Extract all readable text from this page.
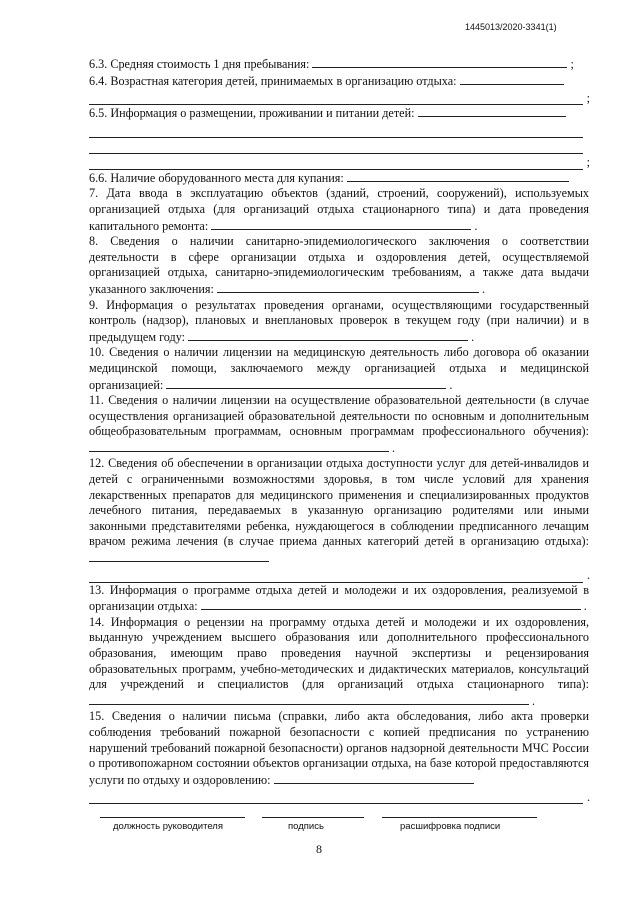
1445013/2020-3341(1)
6.3. Средняя стоимость 1 дня пребывания:	;
6.4. Возрастная категория детей, принимаемых в организацию отдыха:
;
6.5. Информация о размещении, проживании и питании детей:
;
6.6. Наличие оборудованного места для купания:
7. Дата ввода в эксплуатацию объектов (зданий, строений, сооружений), используемых организацией отдыха (для организаций отдыха стационарного типа) и дата проведения капитального ремонта:	.
8. Сведения о наличии санитарно-эпидемиологического заключения о соответствии деятельности в сфере организации отдыха и оздоровления детей, осуществляемой организацией отдыха, санитарно-эпидемиологическим требованиям, а также дата выдачи указанного заключения:	.
9. Информация о результатах проведения органами, осуществляющими государственный контроль (надзор), плановых и внеплановых проверок в текущем году (при наличии) и в предыдущем году:	.
10. Сведения о наличии лицензии на медицинскую деятельность либо договора об оказании медицинской помощи, заключаемого между организацией отдыха и медицинской организацией:	.
11. Сведения о наличии лицензии на осуществление образовательной деятельности (в случае осуществления организацией образовательной деятельности по основным и дополнительным общеобразовательным программам, основным программам профессионального обучения):  .
12. Сведения об обеспечении в организации отдыха доступности услуг для детей-инвалидов и детей с ограниченными возможностями здоровья, в том числе условий для хранения лекарственных препаратов для медицинского применения и специализированных продуктов лечебного питания, передаваемых в указанную организацию родителями или иными законными представителями ребенка, нуждающегося в соблюдении предписанного лечащим врачом режима лечения (в случае приема данных категорий детей в организацию отдыха):
.
13. Информация о программе отдыха детей и молодежи и их оздоровления, реализуемой в организации отдыха:	.
14. Информация о рецензии на программу отдыха детей и молодежи и их оздоровления, выданную учреждением высшего образования или дополнительного профессионального образования, имеющим право проведения научной экспертизы и рецензирования образовательных программ, учебно-методических и дидактических материалов, консультаций для учреждений и специалистов (для организаций отдыха стационарного типа):  .
15. Сведения о наличии письма (справки, либо акта обследования, либо акта проверки соблюдения требований пожарной безопасности с копией предписания по устранению нарушений требований пожарной безопасности) органов надзорной деятельности МЧС России о противопожарном состоянии объектов организации отдыха, на базе которой предоставляются услуги по отдыху и оздоровлению:
.
должность руководителя	подпись	расшифровка подписи
8
